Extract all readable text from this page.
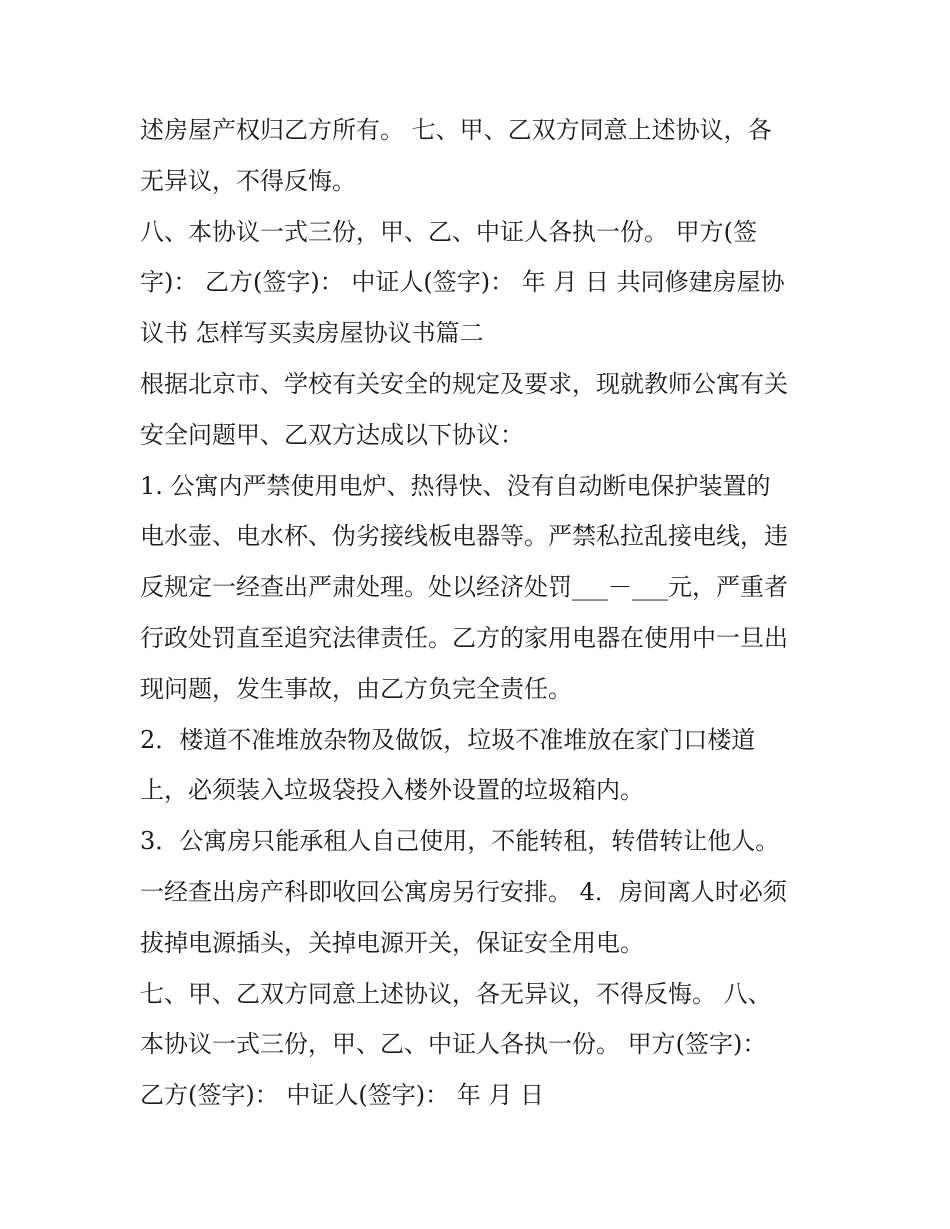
述房屋产权归乙方所有。 七、甲、乙双方同意上述协议，各
无异议，不得反悔。
八、本协议一式三份，甲、乙、中证人各执一份。 甲方(签
字)： 乙方(签字)： 中证人(签字)： 年 月 日 共同修建房屋协
议书 怎样写买卖房屋协议书篇二
根据北京市、学校有关安全的规定及要求，现就教师公寓有关
安全问题甲、乙双方达成以下协议：
1. 公寓内严禁使用电炉、热得快、没有自动断电保护装置的
电水壶、电水杯、伪劣接线板电器等。严禁私拉乱接电线，违
反规定一经查出严肃处理。处以经济处罚___－___元，严重者
行政处罚直至追究法律责任。乙方的家用电器在使用中一旦出
现问题，发生事故，由乙方负完全责任。
2．楼道不准堆放杂物及做饭，垃圾不准堆放在家门口楼道
上，必须装入垃圾袋投入楼外设置的垃圾箱内。
3．公寓房只能承租人自己使用，不能转租，转借转让他人。
一经查出房产科即收回公寓房另行安排。 4．房间离人时必须
拔掉电源插头，关掉电源开关，保证安全用电。
七、甲、乙双方同意上述协议，各无异议，不得反悔。 八、
本协议一式三份，甲、乙、中证人各执一份。 甲方(签字)：
乙方(签字)： 中证人(签字)： 年 月 日
